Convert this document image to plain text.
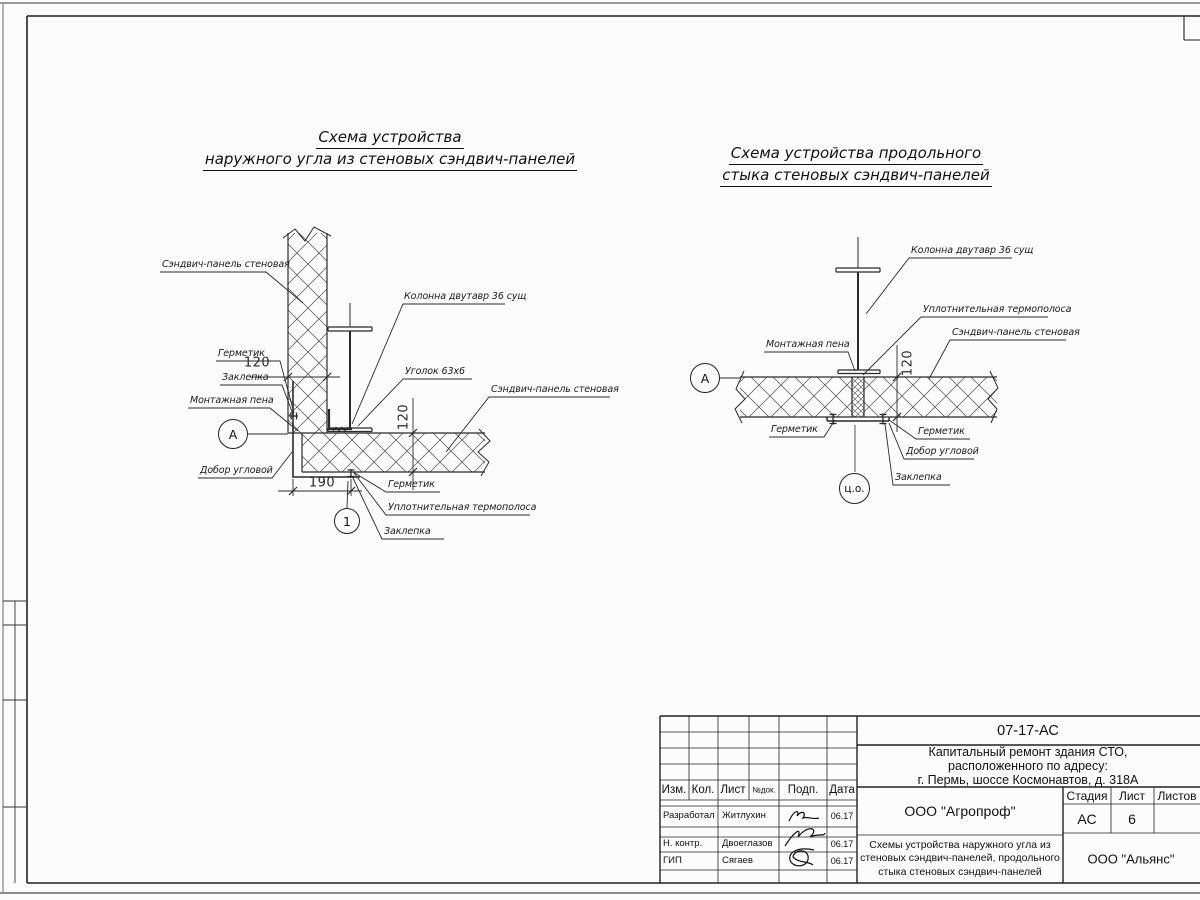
Схема устройства
наружного угла из стеновых сэндвич-панелей	Схема устройства продольного
стыка стеновых сэндвич-панелей
Сэндвич-панель стеновая
Колонна двутавр 36 сущ
Герметик
Заклепка
Монтажная пена
Добор угловой
Уголок 63х6
Сэндвич-панель стеновая
Герметик
Уплотнительная термополоса
Заклепка
120
120
190
А
1
Колонна двутавр 36 сущ
Уплотнительная термополоса
Сэндвич-панель стеновая
Монтажная пена
Герметик	Герметик
Добор угловой
Заклепка
120
А
ц.о.
07-17-АС
Капитальный ремонт здания СТО,
расположенного по адресу:
г. Пермь, шоссе Космонавтов, д. 318А
Изм. Кол. Лист №док. Подп. Дата
Разработал Житлухин	06.17
Н. контр. Двоеглазов	06.17
ГИП	Сягаев	06.17
ООО "Агропроф"
Стадия Лист Листов
АС 6
Схемы устройства наружного угла из стеновых сэндвич-панелей, продольного стыка стеновых сэндвич-панелей
ООО "Альянс"
